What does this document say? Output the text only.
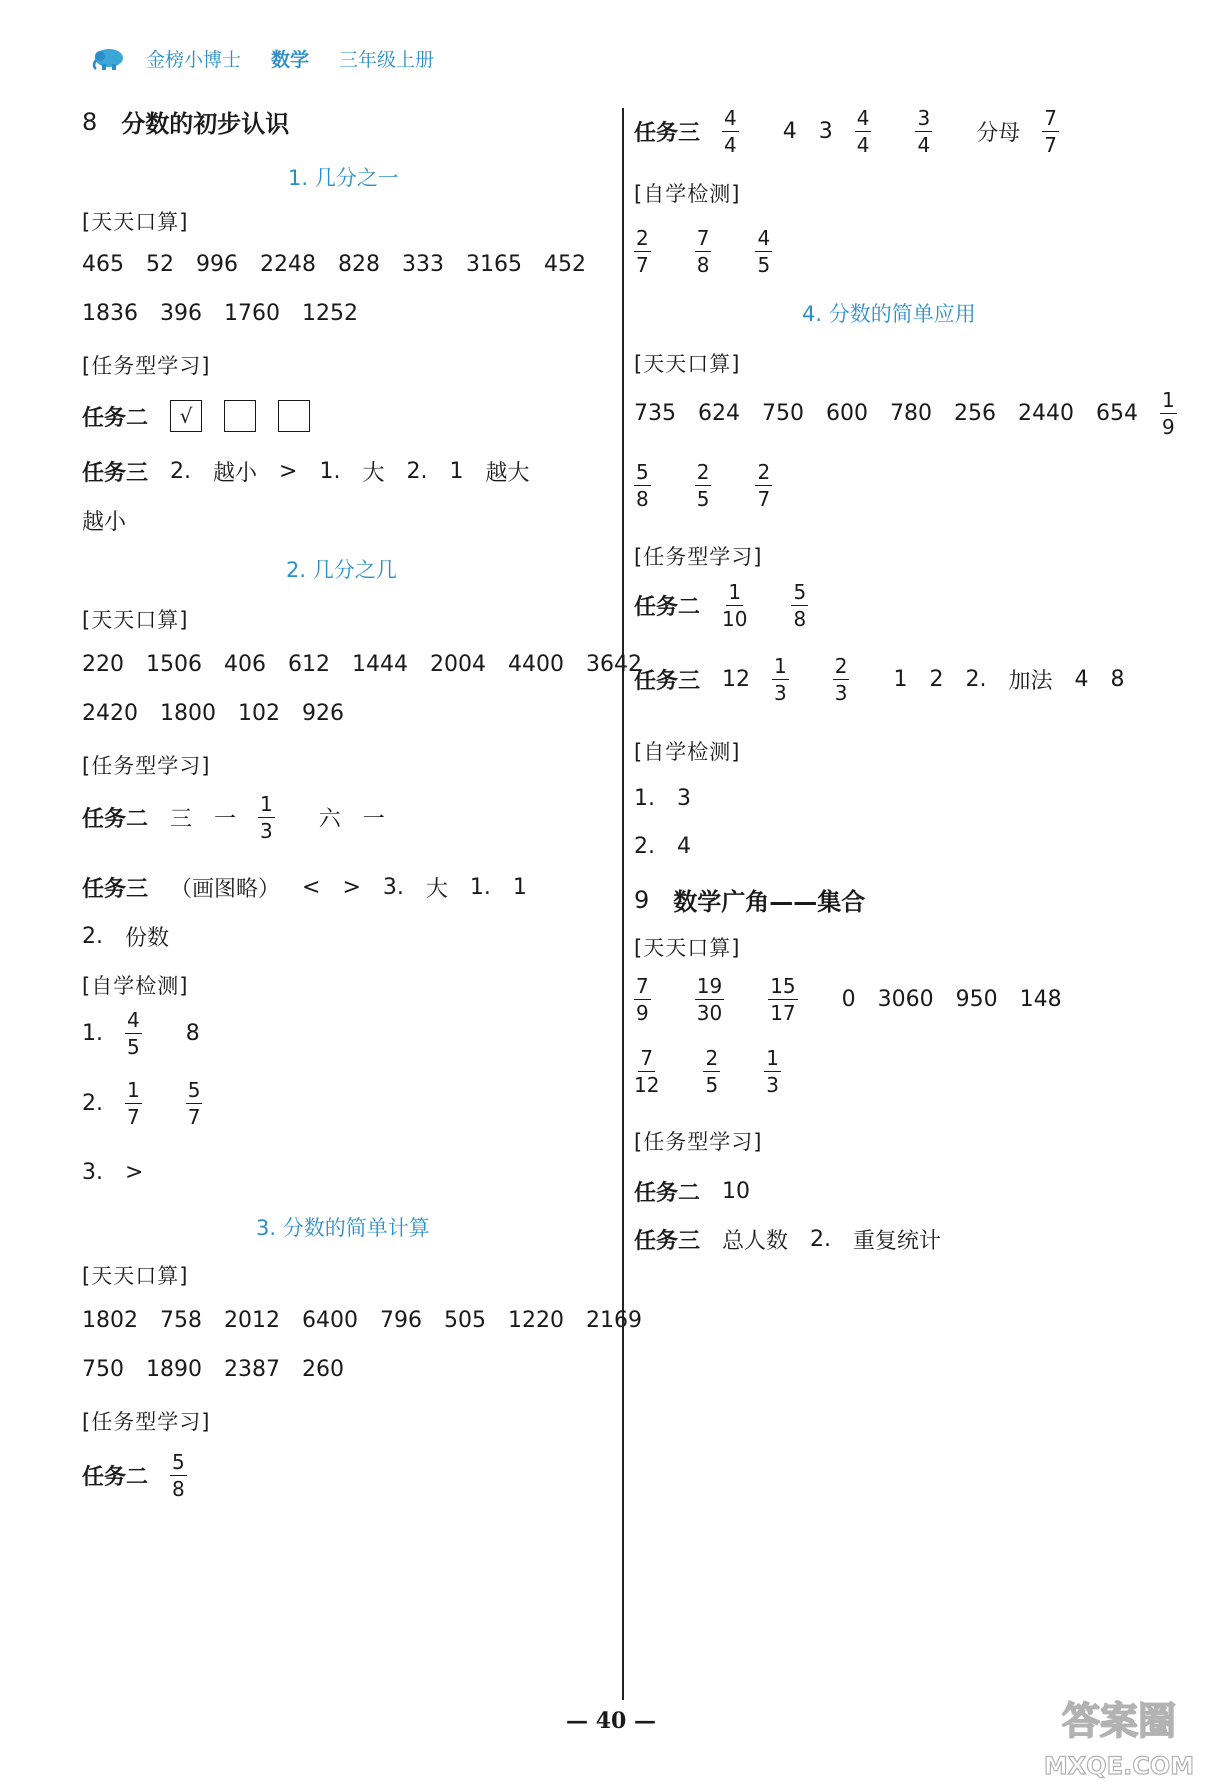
金榜小博士 数学 三年级上册
8 分数的初步认识
1. 几分之一
[天天口算]
465 52 996 2248 828 333 3165 452
1836 396 1760 1252
[任务型学习]
任务二	√
任务三 2. 越小 > 1. 大 2. 1 越大
越小
2. 几分之几
[天天口算]
220 1506 406 612 1444 2004 4400 3642
2420 1800 102 926
[任务型学习]
任务二 三 一 $\frac{1}{3}$ 六 一
任务三 （画图略） < > 3. 大 1. 1
2. 份数
[自学检测]
1. $\frac{4}{5} 8$
2. $\frac{1}{7} \frac{5}{7}$
3. >
3. 分数的简单计算
[天天口算]
1802 758 2012 6400 796 505 1220 2169
750 1890 2387 260
[任务型学习]
任务二 $\frac{5}{8}$
任务三 $\frac{4}{4} 4$ $3 \frac{4}{4} \frac{3}{4}$ 分母 $\frac{7}{7}$
[自学检测]
$\frac{2}{7} \frac{7}{8} \frac{4}{5}$
4. 分数的简单应用
[天天口算]
735 624 750 600 780 256 2440 $654 \frac{1}{9}$
$\frac{5}{8} \frac{2}{5} \frac{2}{7}$
[任务型学习]
任务二 $\frac{1}{10} \frac{5}{8}$
任务三 $12 \frac{1}{3} \frac{2}{3} 1$ 2 2. 加法 4 8
[自学检测]
1. 3
2. 4
9 数学广角——集合
[天天口算]
$\frac{7}{9} \frac{19}{30} \frac{15}{17} 0$ 3060 950 148
$\frac{7}{12} \frac{2}{5} \frac{1}{3}$
[任务型学习]
任务二 10
任务三 总人数 2. 重复统计
— 40 —	答案圈
MXQE.COM
